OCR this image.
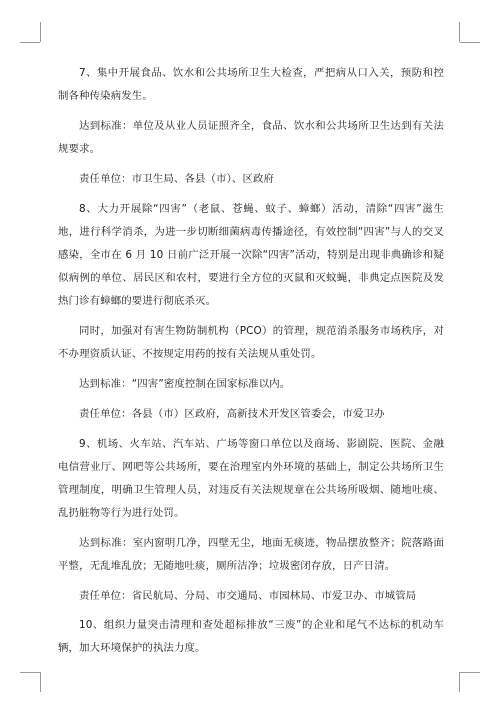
7、集中开展食品、饮水和公共场所卫生大检查，严把病从口入关，预防和控制各种传染病发生。

达到标准：单位及从业人员证照齐全，食品、饮水和公共场所卫生达到有关法规要求。

责任单位：市卫生局、各县（市）、区政府

8、大力开展除“四害”（老鼠、苍蝇、蚊子、蟑螂）活动，清除“四害”滋生地，进行科学消杀，为进一步切断细菌病毒传播途径，有效控制“四害”与人的交叉感染，全市在 6 月 10 日前广泛开展一次除“四害”活动，特别是出现非典确诊和疑似病例的单位、居民区和农村，要进行全方位的灭鼠和灭蚊蝇，非典定点医院及发热门诊有蟑螂的要进行彻底杀灭。

同时，加强对有害生物防制机构（PCO）的管理，规范消杀服务市场秩序，对不办理资质认证、不按规定用药的按有关法规从重处罚。

达到标准：“四害”密度控制在国家标准以内。

责任单位：各县（市）区政府，高新技术开发区管委会，市爱卫办

9、机场、火车站、汽车站、广场等窗口单位以及商场、影剧院、医院、金融电信营业厅、网吧等公共场所，要在治理室内外环境的基础上，制定公共场所卫生管理制度，明确卫生管理人员，对违反有关法规规章在公共场所吸烟、随地吐痰、乱扔脏物等行为进行处罚。

达到标准：室内窗明几净，四壁无尘，地面无痰迹，物品摆放整齐；院落路面平整，无乱堆乱放；无随地吐痰，厕所洁净；垃圾密闭存放，日产日清。

责任单位：省民航局、分局、市交通局、市园林局、市爱卫办、市城管局

10、组织力量突击清理和查处超标排放“三废”的企业和尾气不达标的机动车辆，加大环境保护的执法力度。
